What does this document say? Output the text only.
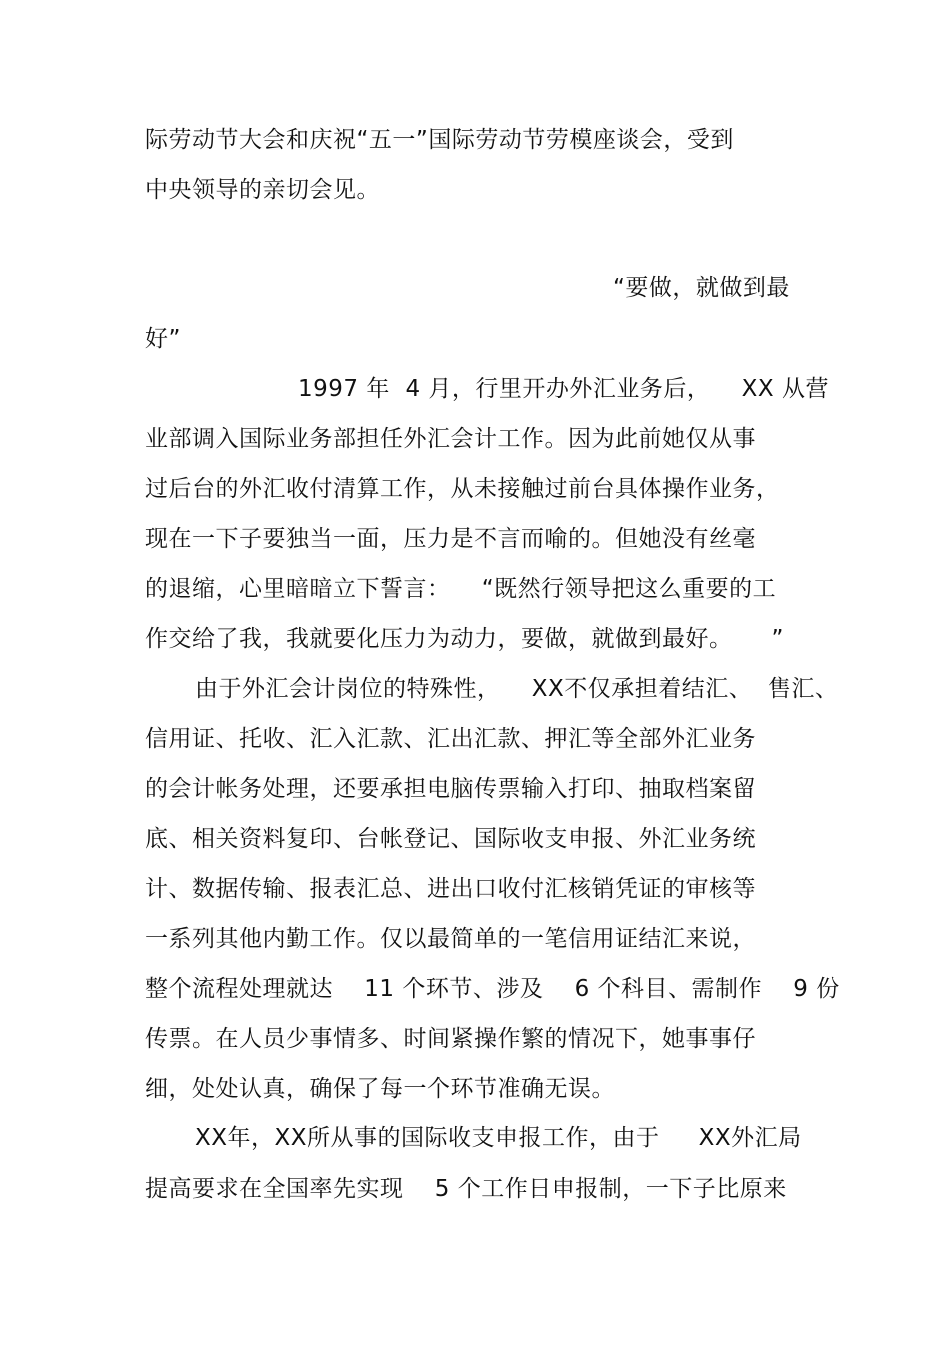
际劳动节大会和庆祝“五一”国际劳动节劳模座谈会，受到
中央领导的亲切会见。
“要做，就做到最
好”
1997 年  4 月，行里开办外汇业务后，    XX 从营
业部调入国际业务部担任外汇会计工作。因为此前她仅从事
过后台的外汇收付清算工作，从未接触过前台具体操作业务，
现在一下子要独当一面，压力是不言而喻的。但她没有丝毫
的退缩，心里暗暗立下誓言：    “既然行领导把这么重要的工
作交给了我，我就要化压力为动力，要做，就做到最好。     ”
由于外汇会计岗位的特殊性，    XX不仅承担着结汇、  售汇、
信用证、托收、汇入汇款、汇出汇款、押汇等全部外汇业务
的会计帐务处理，还要承担电脑传票输入打印、抽取档案留
底、相关资料复印、台帐登记、国际收支申报、外汇业务统
计、数据传输、报表汇总、进出口收付汇核销凭证的审核等
一系列其他内勤工作。仅以最简单的一笔信用证结汇来说，
整个流程处理就达    11 个环节、涉及    6 个科目、需制作    9 份
传票。在人员少事情多、时间紧操作繁的情况下，她事事仔
细，处处认真，确保了每一个环节准确无误。
XX年，XX所从事的国际收支申报工作，由于     XX外汇局
提高要求在全国率先实现    5 个工作日申报制，一下子比原来
